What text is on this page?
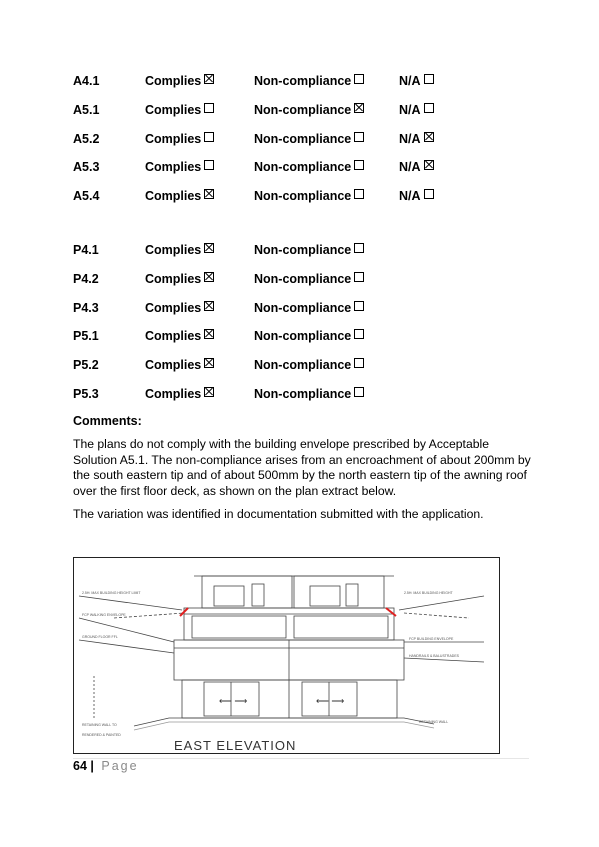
A4.1	Complies	Non-compliance	N/A
A5.1	Complies	Non-compliance	N/A
A5.2	Complies	Non-compliance	N/A
A5.3	Complies	Non-compliance	N/A
A5.4	Complies	Non-compliance	N/A
P4.1	Complies	Non-compliance
P4.2	Complies	Non-compliance
P4.3	Complies	Non-compliance
P5.1	Complies	Non-compliance
P5.2	Complies	Non-compliance
P5.3	Complies	Non-compliance
Comments:
The plans do not comply with the building envelope prescribed by Acceptable Solution A5.1. The non-compliance arises from an encroachment of about 200mm by the south eastern tip and of about 500mm by the north eastern tip of the awning roof over the first floor deck, as shown on the plan extract below.
The variation was identified in documentation submitted with the application.
2.5H: MAX BUILDING HEIGHT LIMIT
FCP WALKING ENVELOPE
GROUND FLOOR FFL
2.5H: MAX BUILDING HEIGHT
FCP BUILDING ENVELOPE
HANDRAILS & BALUSTRADES
RETAINING WALL
RETAINING WALL TO
RENDERED & PAINTED
⟵ ⟶	⟵ ⟶
EAST ELEVATION
64 | Page
